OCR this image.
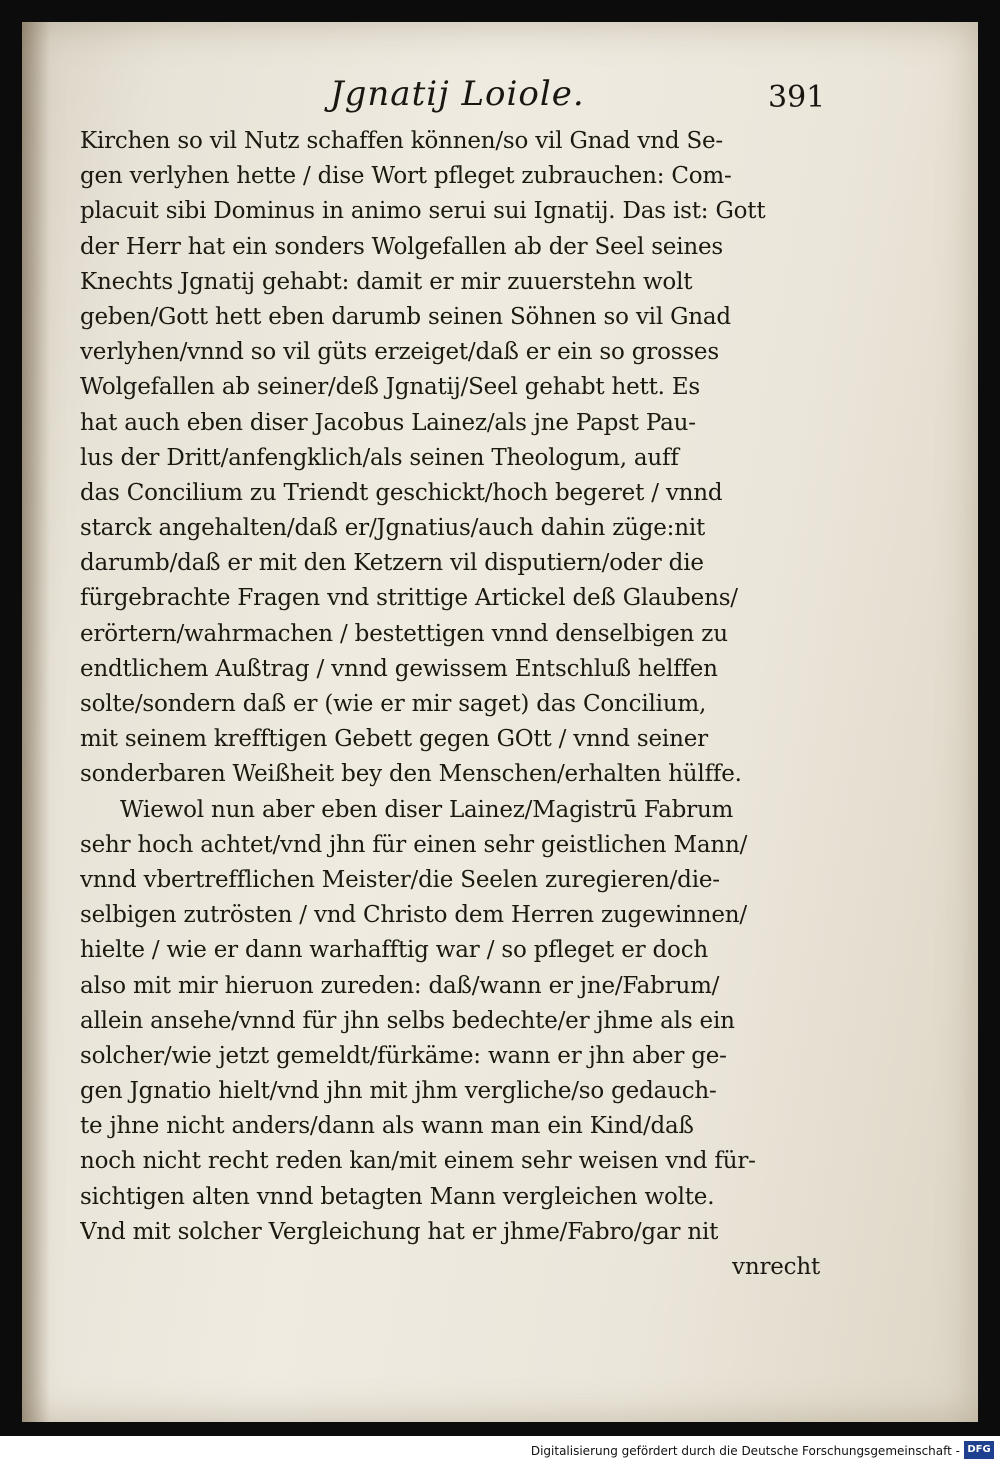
Jgnatij Loiole.	391
Kirchen so vil Nutz schaffen können/so vil Gnad vnd Se-
gen verlyhen hette / dise Wort pfleget zubrauchen: Com-
placuit sibi Dominus in animo serui sui Ignatij. Das ist: Gott
der Herr hat ein sonders Wolgefallen ab der Seel seines
Knechts Jgnatij gehabt: damit er mir zuuerstehn wolt
geben/Gott hett eben darumb seinen Söhnen so vil Gnad
verlyhen/vnnd so vil güts erzeiget/daß er ein so grosses
Wolgefallen ab seiner/deß Jgnatij/Seel gehabt hett. Es
hat auch eben diser Jacobus Lainez/als jne Papst Pau-
lus der Dritt/anfengklich/als seinen Theologum, auff
das Concilium zu Triendt geschickt/hoch begeret / vnnd
starck angehalten/daß er/Jgnatius/auch dahin züge:nit
darumb/daß er mit den Ketzern vil disputiern/oder die
fürgebrachte Fragen vnd strittige Artickel deß Glaubens/
erörtern/wahrmachen / bestettigen vnnd denselbigen zu
endtlichem Außtrag / vnnd gewissem Entschluß helffen
solte/sondern daß er (wie er mir saget) das Concilium,
mit seinem krefftigen Gebett gegen GOtt / vnnd seiner
sonderbaren Weißheit bey den Menschen/erhalten hülffe.
Wiewol nun aber eben diser Lainez/Magistrū Fabrum
sehr hoch achtet/vnd jhn für einen sehr geistlichen Mann/
vnnd vbertrefflichen Meister/die Seelen zuregieren/die-
selbigen zutrösten / vnd Christo dem Herren zugewinnen/
hielte / wie er dann warhafftig war / so pfleget er doch
also mit mir hieruon zureden: daß/wann er jne/Fabrum/
allein ansehe/vnnd für jhn selbs bedechte/er jhme als ein
solcher/wie jetzt gemeldt/fürkäme: wann er jhn aber ge-
gen Jgnatio hielt/vnd jhn mit jhm vergliche/so gedauch-
te jhne nicht anders/dann als wann man ein Kind/daß
noch nicht recht reden kan/mit einem sehr weisen vnd für-
sichtigen alten vnnd betagten Mann vergleichen wolte.
Vnd mit solcher Vergleichung hat er jhme/Fabro/gar nit
vnrecht
Digitalisierung gefördert durch die Deutsche Forschungsgemeinschaft - DFG
